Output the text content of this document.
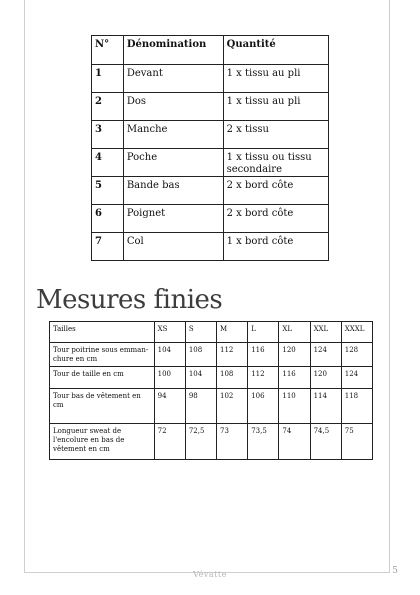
N°	Dénomination	Quantité
1	Devant	1 x tissu au pli
2	Dos	1 x tissu au pli
3	Manche	2 x tissu
4	Poche	1 x tissu ou tissu secondaire
5	Bande bas	2 x bord côte
6	Poignet	2 x bord côte
7	Col	1 x bord côte
Mesures finies
Tailles	XS	S	M	L	XL	XXL	XXXL
Tour poitrine sous emman-chure en cm	104	108	112	116	120	124	128
Tour de taille en cm	100	104	108	112	116	120	124
Tour bas de vêtement en cm	94	98	102	106	110	114	118
Longueur sweat de l'encolure en bas de vêtement en cm	72	72,5	73	73,5	74	74,5	75
Vévatte	5
